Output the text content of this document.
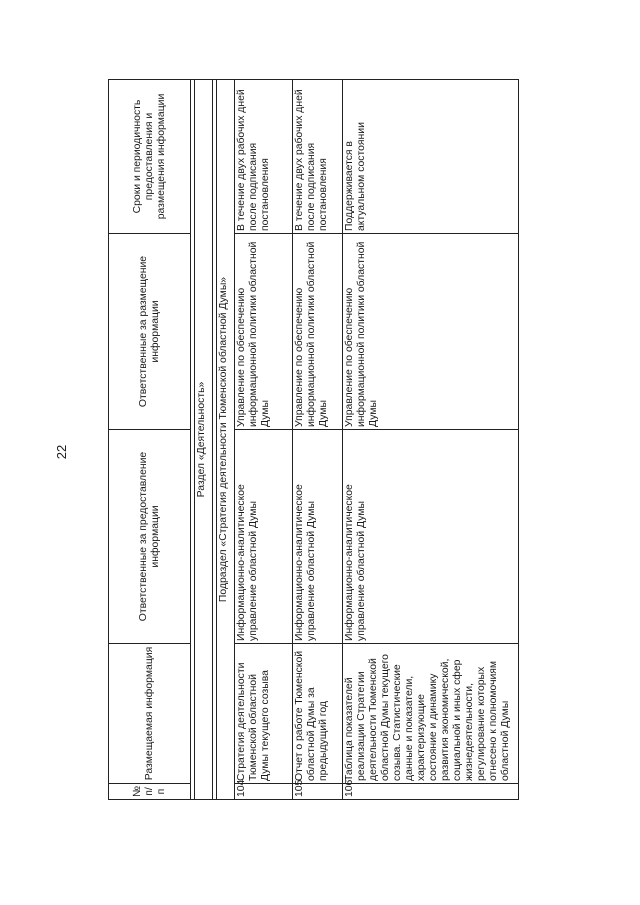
22
№ п/п	Размещаемая информация	Ответственные за предоставление информации	Ответственные за размещение информации	Сроки и периодичность предоставления и размещения информации

Раздел «Деятельность»				

Подраздел «Стратегия деятельности Тюменской областной Думы»				
104	Стратегия деятельности Тюменской областной Думы текущего созыва	Информационно-аналитическое управление областной Думы	Управление по обеспечению информационной политики областной Думы	В течение двух рабочих дней после подписания постановления
105	Отчет о работе Тюменской областной Думы за предыдущий год	Информационно-аналитическое управление областной Думы	Управление по обеспечению информационной политики областной Думы	В течение двух рабочих дней после подписания постановления
106	Таблица показателей реализации Стратегии деятельности Тюменской областной Думы текущего созыва. Статистические данные и показатели, характеризующие состояние и динамику развития экономической, социальной и иных сфер жизнедеятельности, регулирование которых отнесено к полномочиям областной Думы	Информационно-аналитическое управление областной Думы	Управление по обеспечению информационной политики областной Думы	Поддерживается в актуальном состоянии
